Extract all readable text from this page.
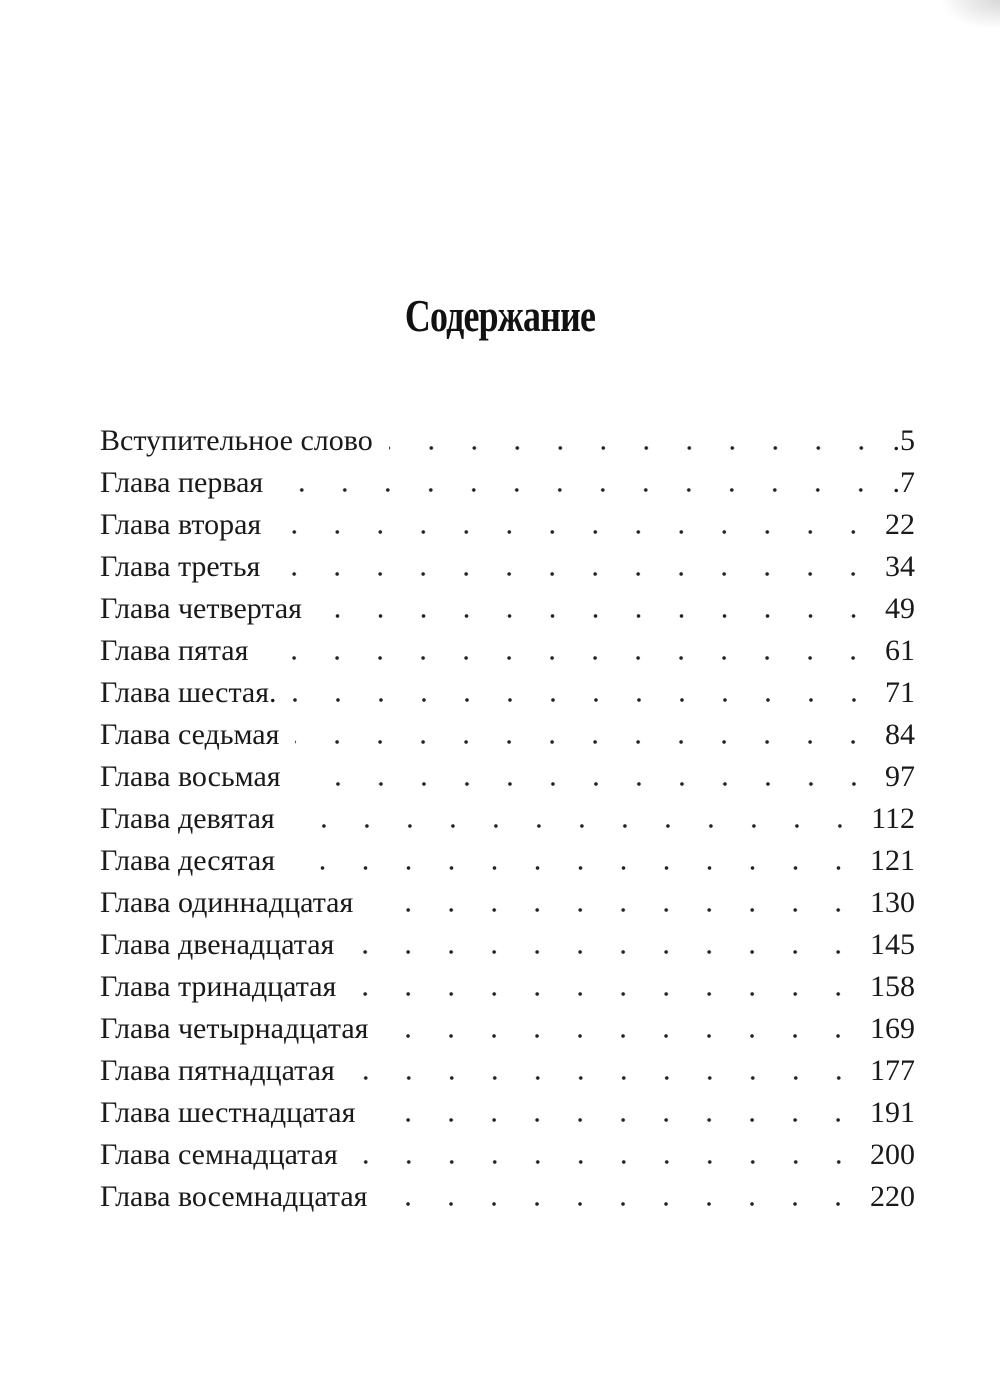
Содержание
Вступительное слово	.5
Глава первая	.7
Глава вторая	22
Глава третья	34
Глава четвертая	49
Глава пятая	61
Глава шестая.	71
Глава седьмая	84
Глава восьмая	97
Глава девятая	112
Глава десятая	121
Глава одиннадцатая	130
Глава двенадцатая	145
Глава тринадцатая	158
Глава четырнадцатая	169
Глава пятнадцатая	177
Глава шестнадцатая	191
Глава семнадцатая	200
Глава восемнадцатая	220
